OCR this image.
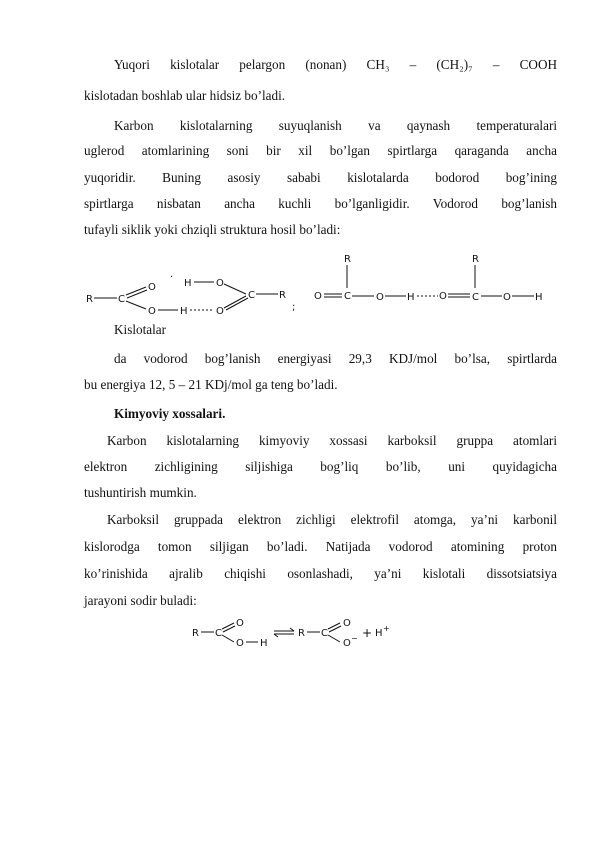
Yuqori kislotalar pelargon (nonan) CH₃ – (CH₂)₇ – COOH
kislotadan boshlab ular hidsiz bo’ladi.
Karbon kislotalarning suyuqlanish va qaynash temperaturalari
uglerod atomlarining soni bir xil bo’lgan spirtlarga qaraganda ancha
yuqoridir. Buning asosiy sababi kislotalarda bodorod bog’ining
spirtlarga nisbatan ancha kuchli bo’lganligidir. Vodorod bog’lanish
tufayli siklik yoki chziqli struktura hosil bo’ladi:
R	C
O
O
·
H O
H	O
C R
;
R
O C	O H O
R
C O H
Kislotalar
da vodorod bog’lanish energiyasi 29,3 KDJ/mol bo’lsa, spirtlarda
bu energiya 12, 5 – 21 KDj/mol ga teng bo’ladi.
Kimyoviy xossalari.
Karbon kislotalarning kimyoviy xossasi karboksil gruppa atomlari
elektron zichligining siljishiga bog’liq bo’lib, uni quyidagicha
tushuntirish mumkin.
Karboksil gruppada elektron zichligi elektrofil atomga, ya’ni karbonil
kislorodga tomon siljigan bo’ladi. Natijada vodorod atomining proton
ko’rinishida ajralib chiqishi osonlashadi, ya’ni kislotali dissotsiatsiya
jarayoni sodir buladi:
R C
O
O H
R C
O
O − + H +
